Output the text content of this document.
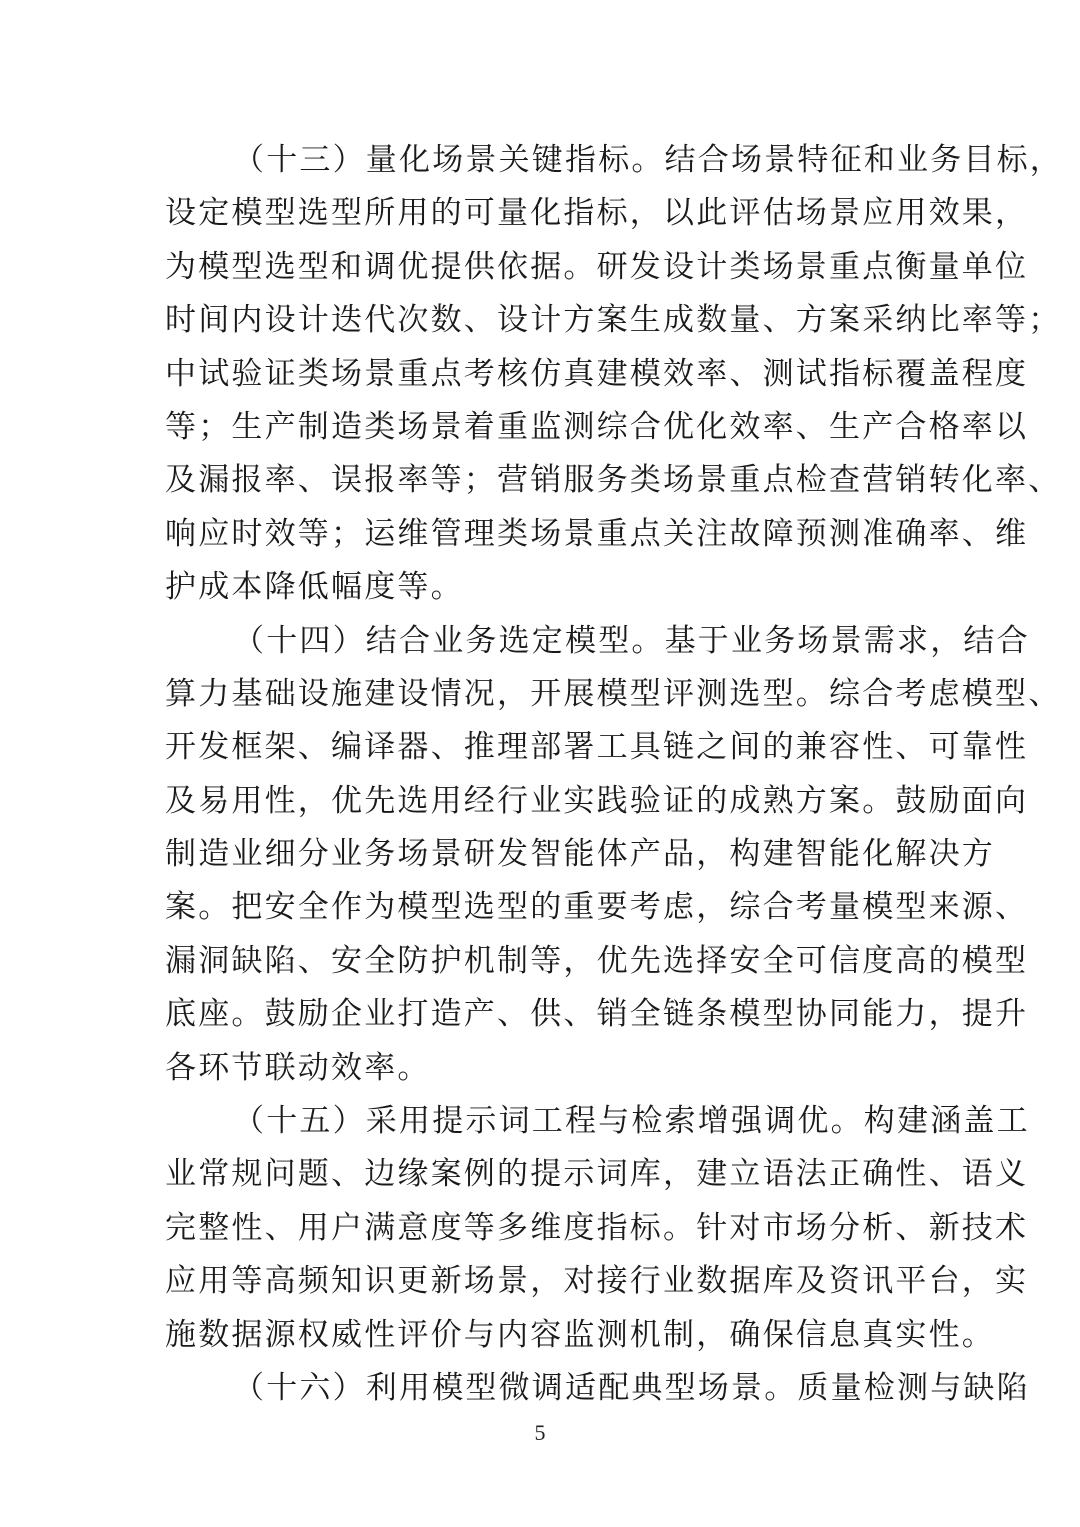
（十三）量化场景关键指标。结合场景特征和业务目标，
设定模型选型所用的可量化指标，以此评估场景应用效果，
为模型选型和调优提供依据。研发设计类场景重点衡量单位
时间内设计迭代次数、设计方案生成数量、方案采纳比率等；
中试验证类场景重点考核仿真建模效率、测试指标覆盖程度
等；生产制造类场景着重监测综合优化效率、生产合格率以
及漏报率、误报率等；营销服务类场景重点检查营销转化率、
响应时效等；运维管理类场景重点关注故障预测准确率、维
护成本降低幅度等。
（十四）结合业务选定模型。基于业务场景需求，结合
算力基础设施建设情况，开展模型评测选型。综合考虑模型、
开发框架、编译器、推理部署工具链之间的兼容性、可靠性
及易用性，优先选用经行业实践验证的成熟方案。鼓励面向
制造业细分业务场景研发智能体产品，构建智能化解决方
案。把安全作为模型选型的重要考虑，综合考量模型来源、
漏洞缺陷、安全防护机制等，优先选择安全可信度高的模型
底座。鼓励企业打造产、供、销全链条模型协同能力，提升
各环节联动效率。
（十五）采用提示词工程与检索增强调优。构建涵盖工
业常规问题、边缘案例的提示词库，建立语法正确性、语义
完整性、用户满意度等多维度指标。针对市场分析、新技术
应用等高频知识更新场景，对接行业数据库及资讯平台，实
施数据源权威性评价与内容监测机制，确保信息真实性。
（十六）利用模型微调适配典型场景。质量检测与缺陷
5
